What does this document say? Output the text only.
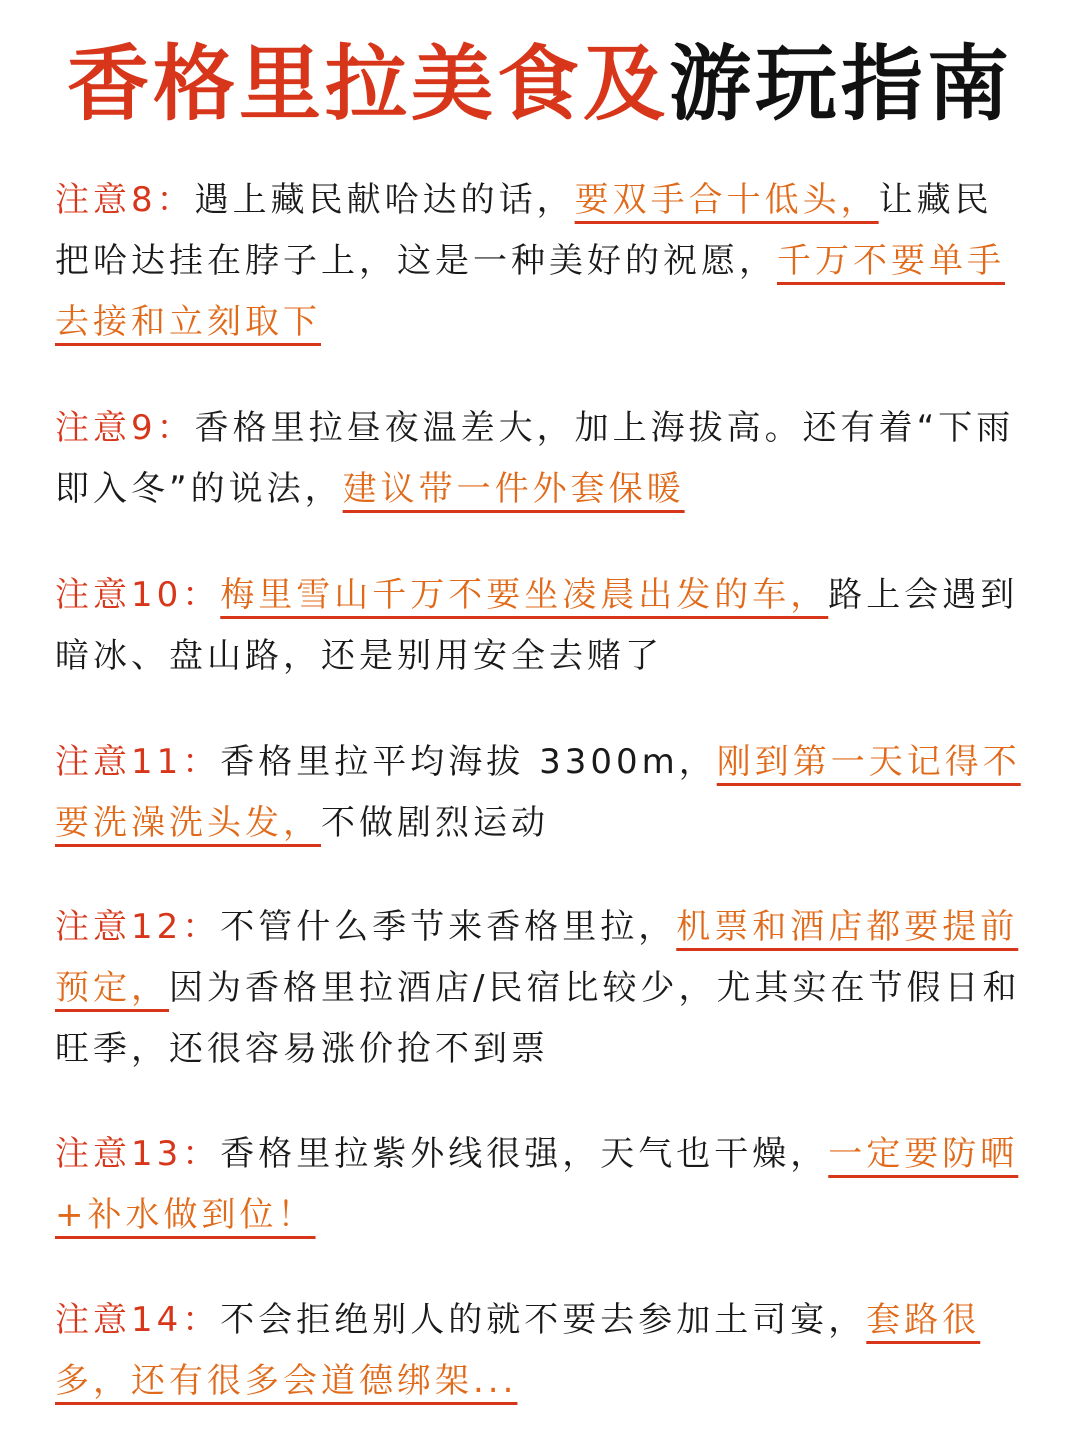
香格里拉美食及游玩指南
注意8：遇上藏民献哈达的话，要双手合十低头，让藏民把哈达挂在脖子上，这是一种美好的祝愿，千万不要单手去接和立刻取下
注意9：香格里拉昼夜温差大，加上海拔高。还有着“下雨即入冬”的说法，建议带一件外套保暖
注意10：梅里雪山千万不要坐凌晨出发的车，路上会遇到暗冰、盘山路，还是别用安全去赌了
注意11：香格里拉平均海拔 3300m，刚到第一天记得不要洗澡洗头发，不做剧烈运动
注意12：不管什么季节来香格里拉，机票和酒店都要提前预定，因为香格里拉酒店/民宿比较少，尤其实在节假日和旺季，还很容易涨价抢不到票
注意13：香格里拉紫外线很强，天气也干燥，一定要防晒+补水做到位！
注意14：不会拒绝别人的就不要去参加土司宴，套路很多，还有很多会道德绑架...
